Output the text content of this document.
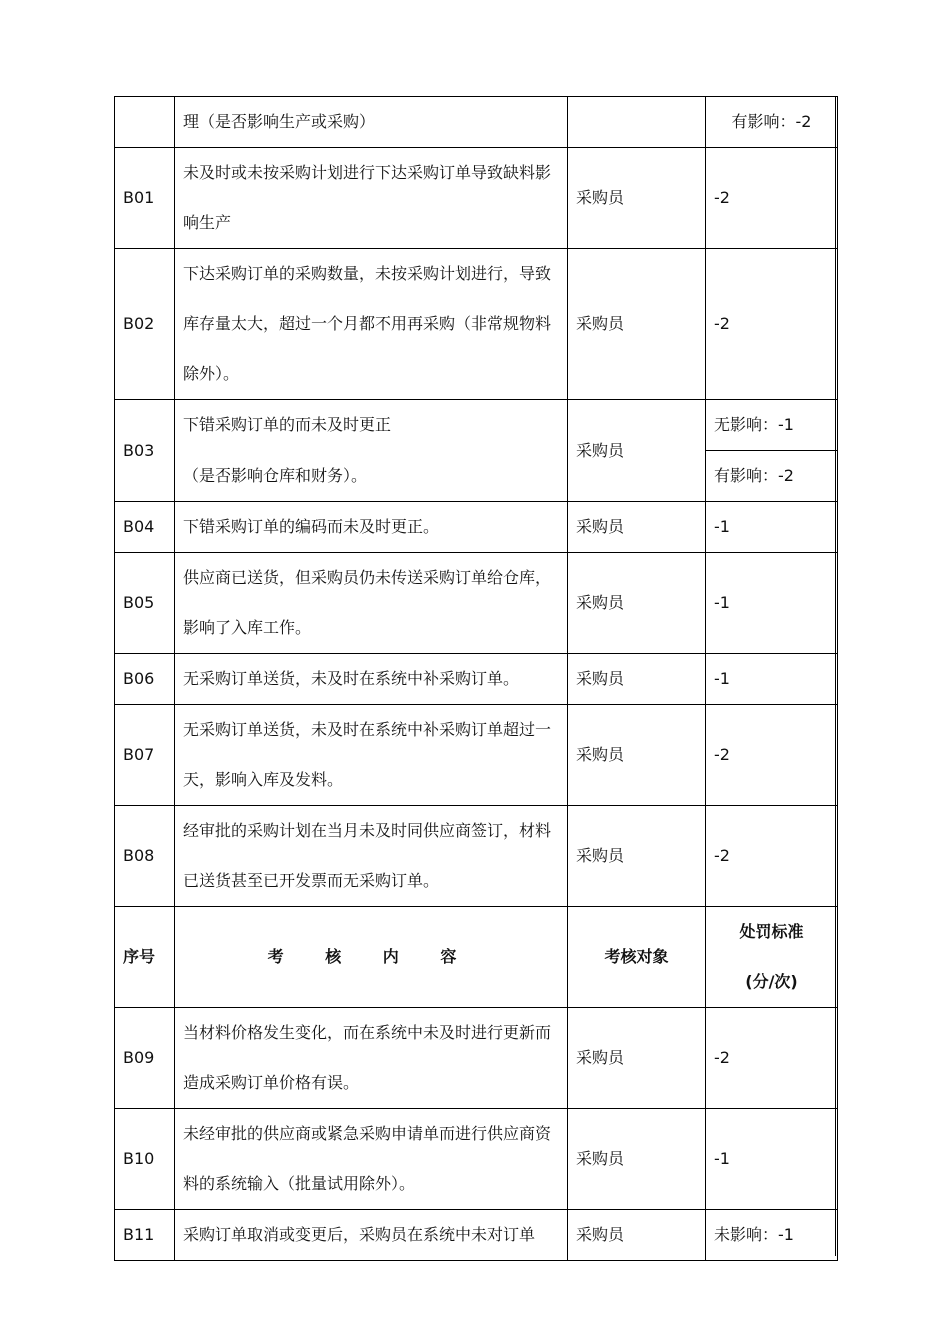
	理（是否影响生产或采购）		有影响：-2
B01	未及时或未按采购计划进行下达采购订单导致缺料影响生产	采购员	-2
B02	下达采购订单的采购数量，未按采购计划进行，导致库存量太大，超过一个月都不用再采购（非常规物料除外）。	采购员	-2
B03	下错采购订单的而未及时更正	采购员	无影响：-1
	（是否影响仓库和财务）。		有影响：-2
B04	下错采购订单的编码而未及时更正。	采购员	-1
B05	供应商已送货，但采购员仍未传送采购订单给仓库，影响了入库工作。	采购员	-1
B06	无采购订单送货，未及时在系统中补采购订单。	采购员	-1
B07	无采购订单送货，未及时在系统中补采购订单超过一天，影响入库及发料。	采购员	-2
B08	经审批的采购计划在当月未及时同供应商签订，材料已送货甚至已开发票而无采购订单。	采购员	-2
序号	考 核 内 容	考核对象	处罚标准
(分/次)

B09	当材料价格发生变化，而在系统中未及时进行更新而造成采购订单价格有误。	采购员	-2
B10	未经审批的供应商或紧急采购申请单而进行供应商资料的系统输入（批量试用除外）。	采购员	-1
B11	采购订单取消或变更后，采购员在系统中未对订单	采购员	未影响：-1
